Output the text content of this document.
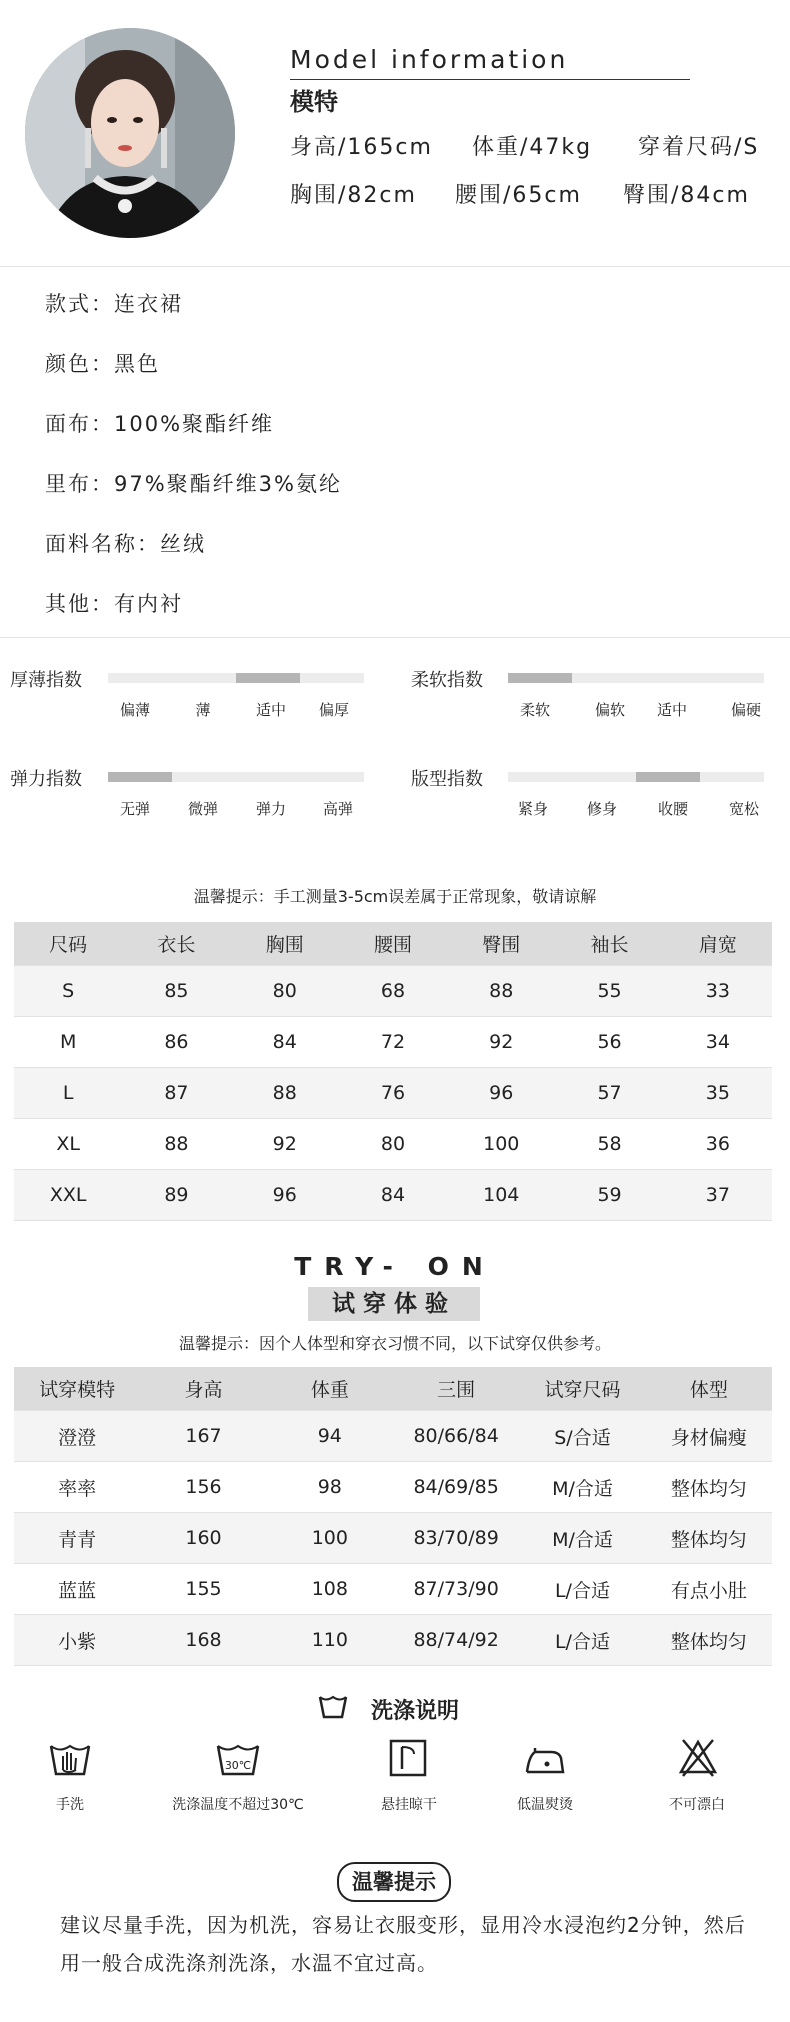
Model information
模特
身高/165cm 体重/47kg 穿着尺码/S
胸围/82cm 腰围/65cm 臀围/84cm
款式：连衣裙
颜色：黑色
面布：100%聚酯纤维
里布：97%聚酯纤维3%氨纶
面料名称：丝绒
其他：有内衬
厚薄指数
偏薄	薄	适中	偏厚
柔软指数
柔软	偏软	适中	偏硬
弹力指数
无弹	微弹	弹力	高弹
版型指数
紧身	修身	收腰	宽松
温馨提示：手工测量3-5cm误差属于正常现象，敬请谅解
尺码	衣长	胸围	腰围	臀围	袖长	肩宽
S	85	80	68	88	55	33
M	86	84	72	92	56	34
L	87	88	76	96	57	35
XL	88	92	80	100	58	36
XXL	89	96	84	104	59	37
TRY- ON
试穿体验
温馨提示：因个人体型和穿衣习惯不同，以下试穿仅供参考。
试穿模特	身高	体重	三围	试穿尺码	体型
澄澄	167	94	80/66/84	S/合适	身材偏瘦
率率	156	98	84/69/85	M/合适	整体均匀
青青	160	100	83/70/89	M/合适	整体均匀
蓝蓝	155	108	87/73/90	L/合适	有点小肚
小紫	168	110	88/74/92	L/合适	整体均匀
洗涤说明
手洗
30℃
洗涤温度不超过30℃	悬挂晾干	低温熨烫	不可漂白
温馨提示
建议尽量手洗，因为机洗，容易让衣服变形，显用冷水浸泡约2分钟，然后
用一般合成洗涤剂洗涤，水温不宜过高。
